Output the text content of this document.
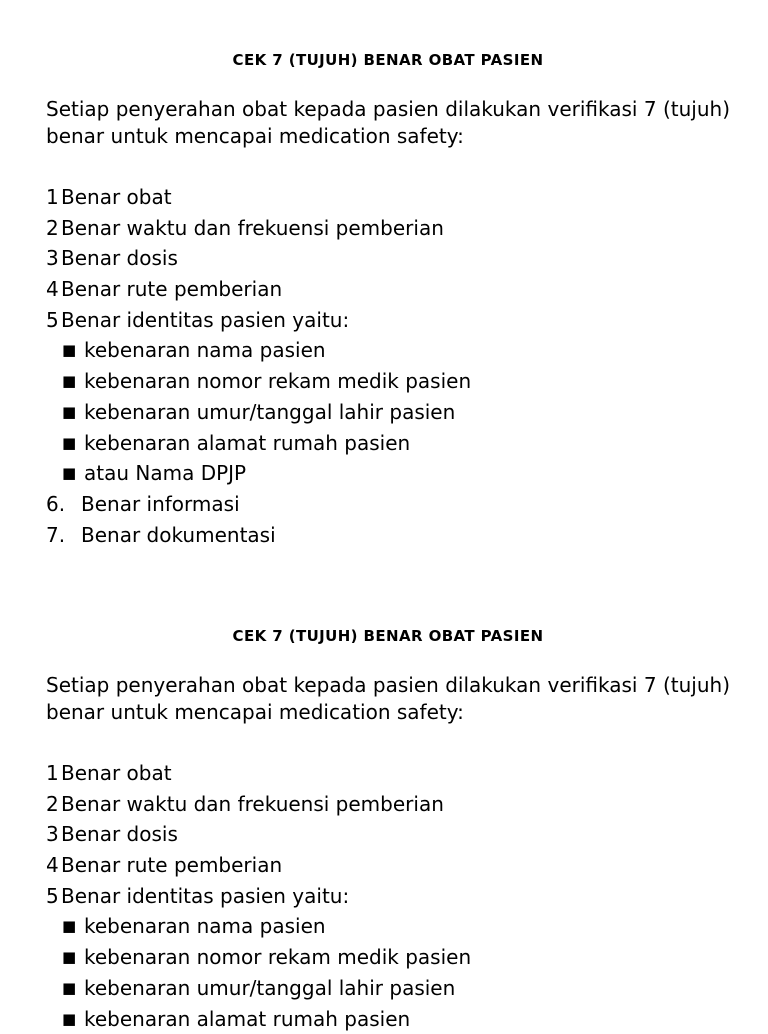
CEK 7 (TUJUH) BENAR OBAT PASIEN

Setiap penyerahan obat kepada pasien dilakukan verifikasi 7 (tujuh) benar untuk mencapai medication safety:

1 Benar obat
2 Benar waktu dan frekuensi pemberian
3 Benar dosis
4 Benar rute pemberian
5 Benar identitas pasien yaitu:
■ kebenaran nama pasien
■ kebenaran nomor rekam medik pasien
■ kebenaran umur/tanggal lahir pasien
■ kebenaran alamat rumah pasien
■ atau Nama DPJP
6. Benar informasi
7. Benar dokumentasi
CEK 7 (TUJUH) BENAR OBAT PASIEN

Setiap penyerahan obat kepada pasien dilakukan verifikasi 7 (tujuh) benar untuk mencapai medication safety:

1 Benar obat
2 Benar waktu dan frekuensi pemberian
3 Benar dosis
4 Benar rute pemberian
5 Benar identitas pasien yaitu:
■ kebenaran nama pasien
■ kebenaran nomor rekam medik pasien
■ kebenaran umur/tanggal lahir pasien
■ kebenaran alamat rumah pasien
